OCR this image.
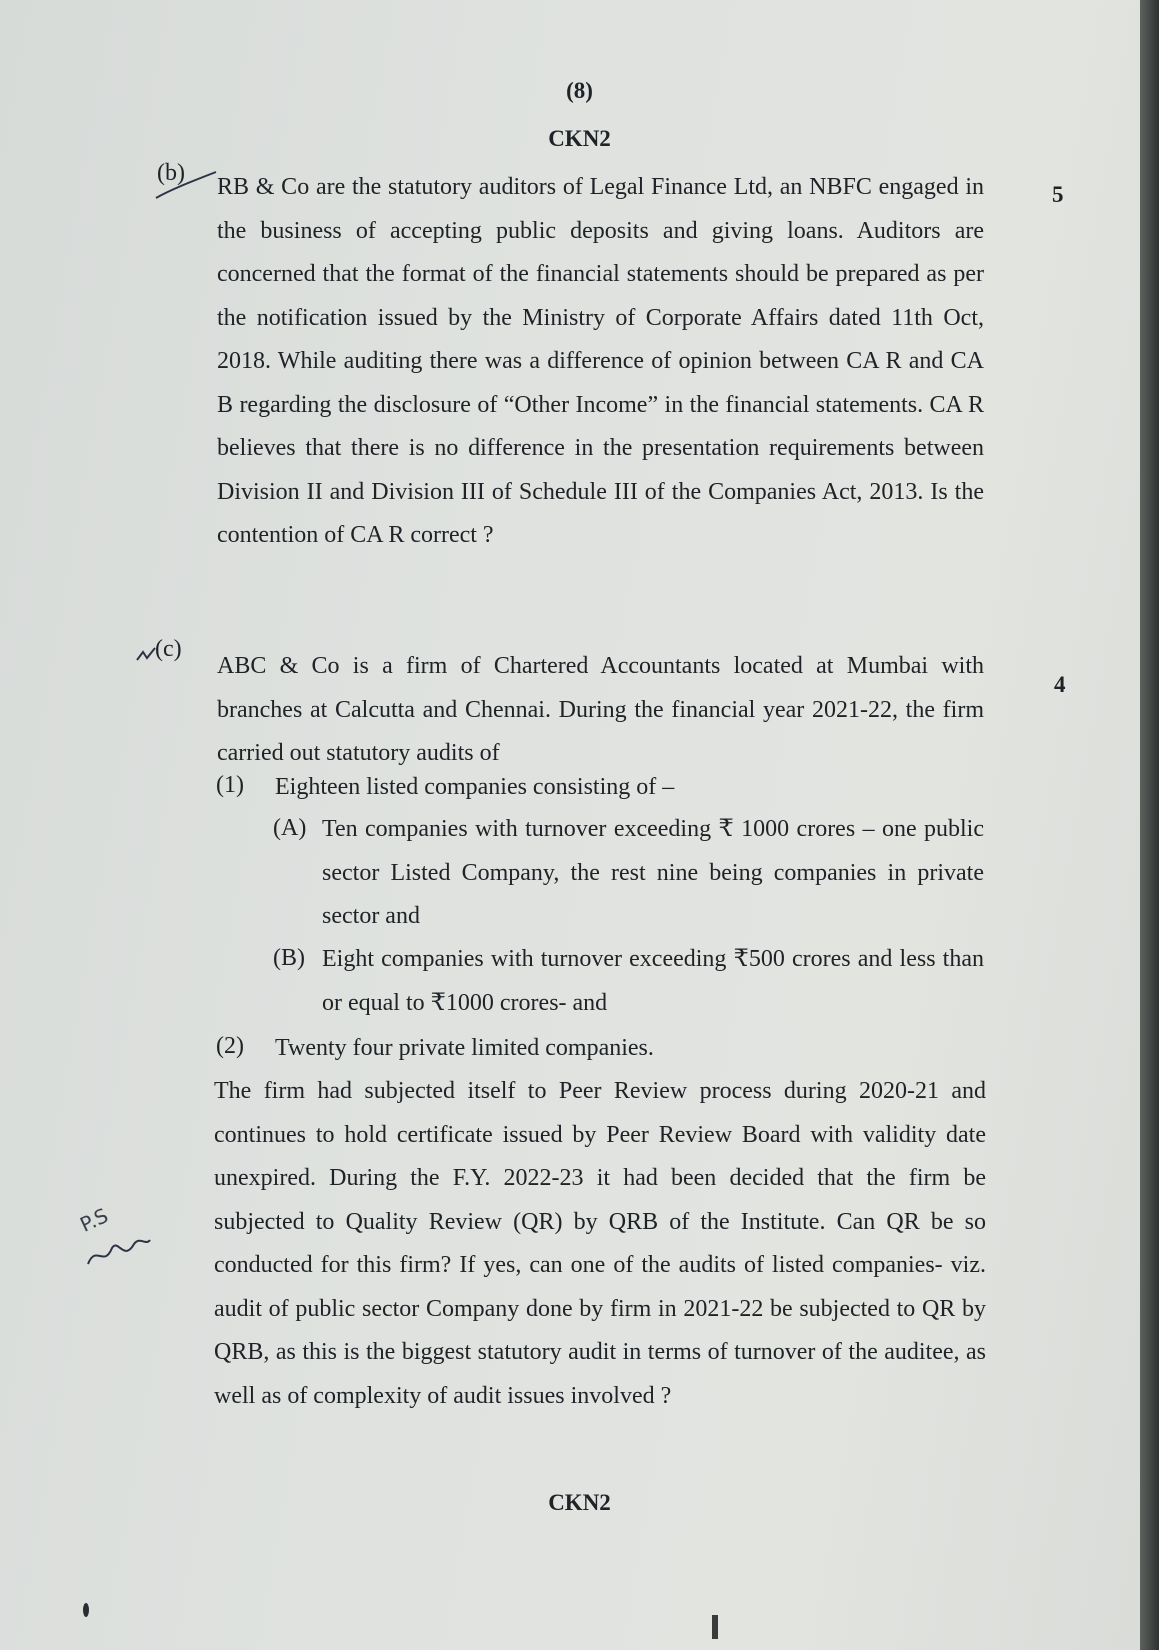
(8)
CKN2
(b)
5

RB & Co are the statutory auditors of Legal Finance Ltd, an NBFC engaged in the business of accepting public deposits and giving loans. Auditors are concerned that the format of the financial statements should be prepared as per the notification issued by the Ministry of Corporate Affairs dated 11th Oct, 2018. While auditing there was a difference of opinion between CA R and CA B regarding the disclosure of “Other Income” in the financial statements. CA R believes that there is no difference in the presentation requirements between Division II and Division III of Schedule III of the Companies Act, 2013. Is the contention of CA R correct ?

(c)
4

ABC & Co is a firm of Chartered Accountants located at Mumbai with branches at Calcutta and Chennai. During the financial year 2021-22, the firm carried out statutory audits of

(1) Eighteen listed companies consisting of –

(A) Ten companies with turnover exceeding ₹ 1000 crores – one public sector Listed Company, the rest nine being companies in private sector and

(B) Eight companies with turnover exceeding ₹500 crores and less than or equal to ₹1000 crores- and

(2) Twenty four private limited companies.

The firm had subjected itself to Peer Review process during 2020-21 and continues to hold certificate issued by Peer Review Board with validity date unexpired. During the F.Y. 2022-23 it had been decided that the firm be subjected to Quality Review (QR) by QRB of the Institute. Can QR be so conducted for this firm? If yes, can one of the audits of listed companies- viz. audit of public sector Company done by firm in 2021-22 be subjected to QR by QRB, as this is the biggest statutory audit in terms of turnover of the auditee, as well as of complexity of audit issues involved ?

P.S
CKN2
